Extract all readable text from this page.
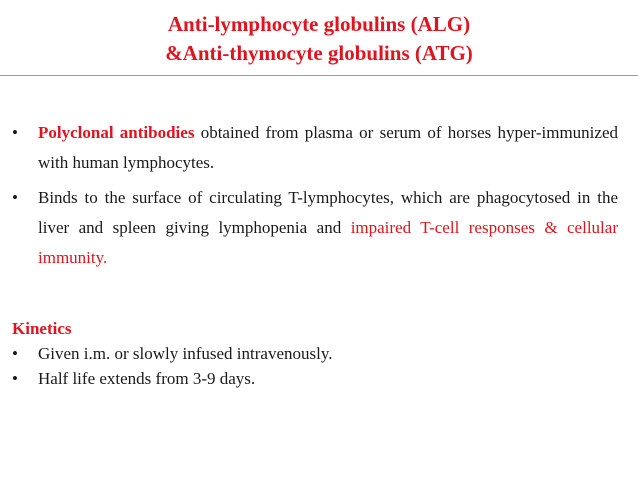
Anti-lymphocyte globulins (ALG)
&Anti-thymocyte globulins (ATG)
• Polyclonal antibodies obtained from plasma or serum of horses hyper-immunized with human lymphocytes.
• Binds to the surface of circulating T-lymphocytes, which are phagocytosed in the liver and spleen giving lymphopenia and impaired T-cell responses & cellular immunity.
Kinetics
• Given i.m. or slowly infused intravenously.
• Half life extends from 3-9 days.
